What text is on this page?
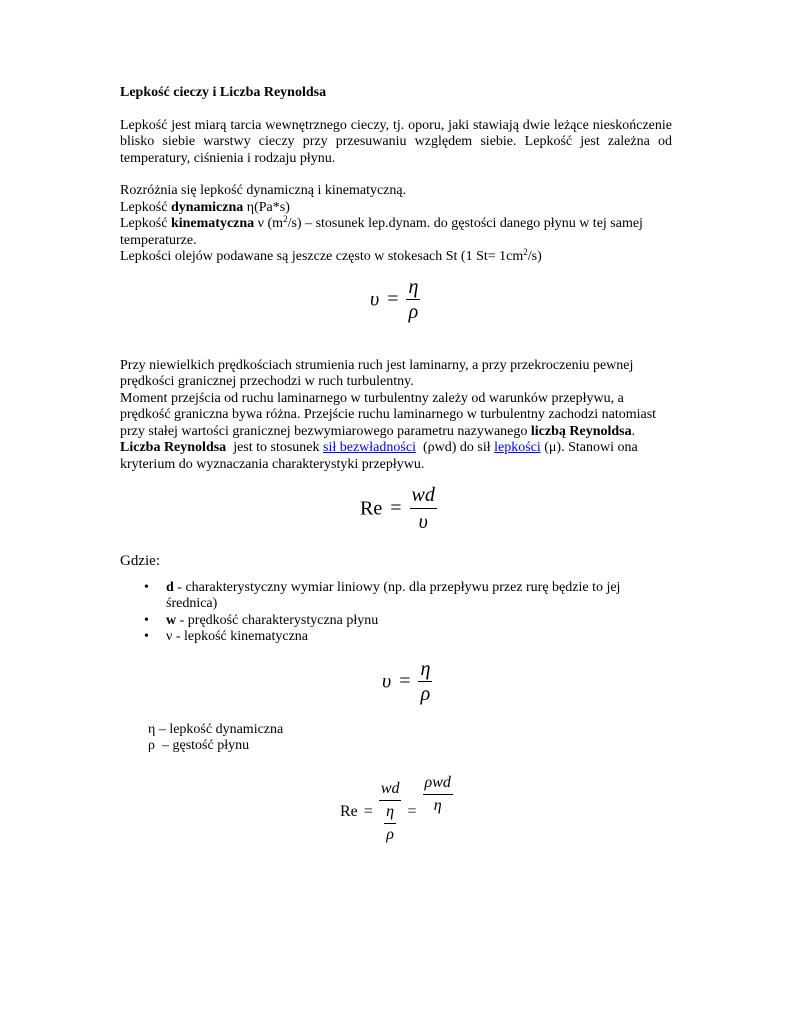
Lepkość cieczy i Liczba Reynoldsa

Lepkość jest miarą tarcia wewnętrznego cieczy, tj. oporu, jaki stawiają dwie leżące nieskończenie blisko siebie warstwy cieczy przy przesuwaniu względem siebie. Lepkość jest zależna od temperatury, ciśnienia i rodzaju płynu.

Rozróżnia się lepkość dynamiczną i kinematyczną.

Lepkość dynamiczna η(Pa*s)

Lepkość kinematyczna ν $(m^2/s)$ – stosunek lep.dynam. do gęstości danego płynu w tej samej temperaturze.

Lepkości olejów podawane są jeszcze często w stokesach St (1 $St= 1cm^2/s$)

$\upsilon = \frac{\eta}{\rho}$

Przy niewielkich prędkościach strumienia ruch jest laminarny, a przy przekroczeniu pewnej prędkości granicznej przechodzi w ruch turbulentny.

Moment przejścia od ruchu laminarnego w turbulentny zależy od warunków przepływu, a prędkość graniczna bywa różna. Przejście ruchu laminarnego w turbulentny zachodzi natomiast przy stałej wartości granicznej bezwymiarowego parametru nazywanego liczbą Reynoldsa.

Liczba Reynoldsa  jest to stosunek sił bezwładności  (ρwd) do sił lepkości (μ). Stanowi ona kryterium do wyznaczania charakterystyki przepływu.

$Re = \frac{wd}{\upsilon}$

Gdzie:

• d - charakterystyczny wymiar liniowy (np. dla przepływu przez rurę będzie to jej średnica)
• w - prędkość charakterystyczna płynu
• ν - lepkość kinematyczna
$\upsilon = \frac{\eta}{\rho}$

η – lepkość dynamiczna

ρ  – gęstość płynu

$Re = \frac{wd}{\frac{\eta}{\rho}} = \frac{\text{ρwd}}{\eta}$
